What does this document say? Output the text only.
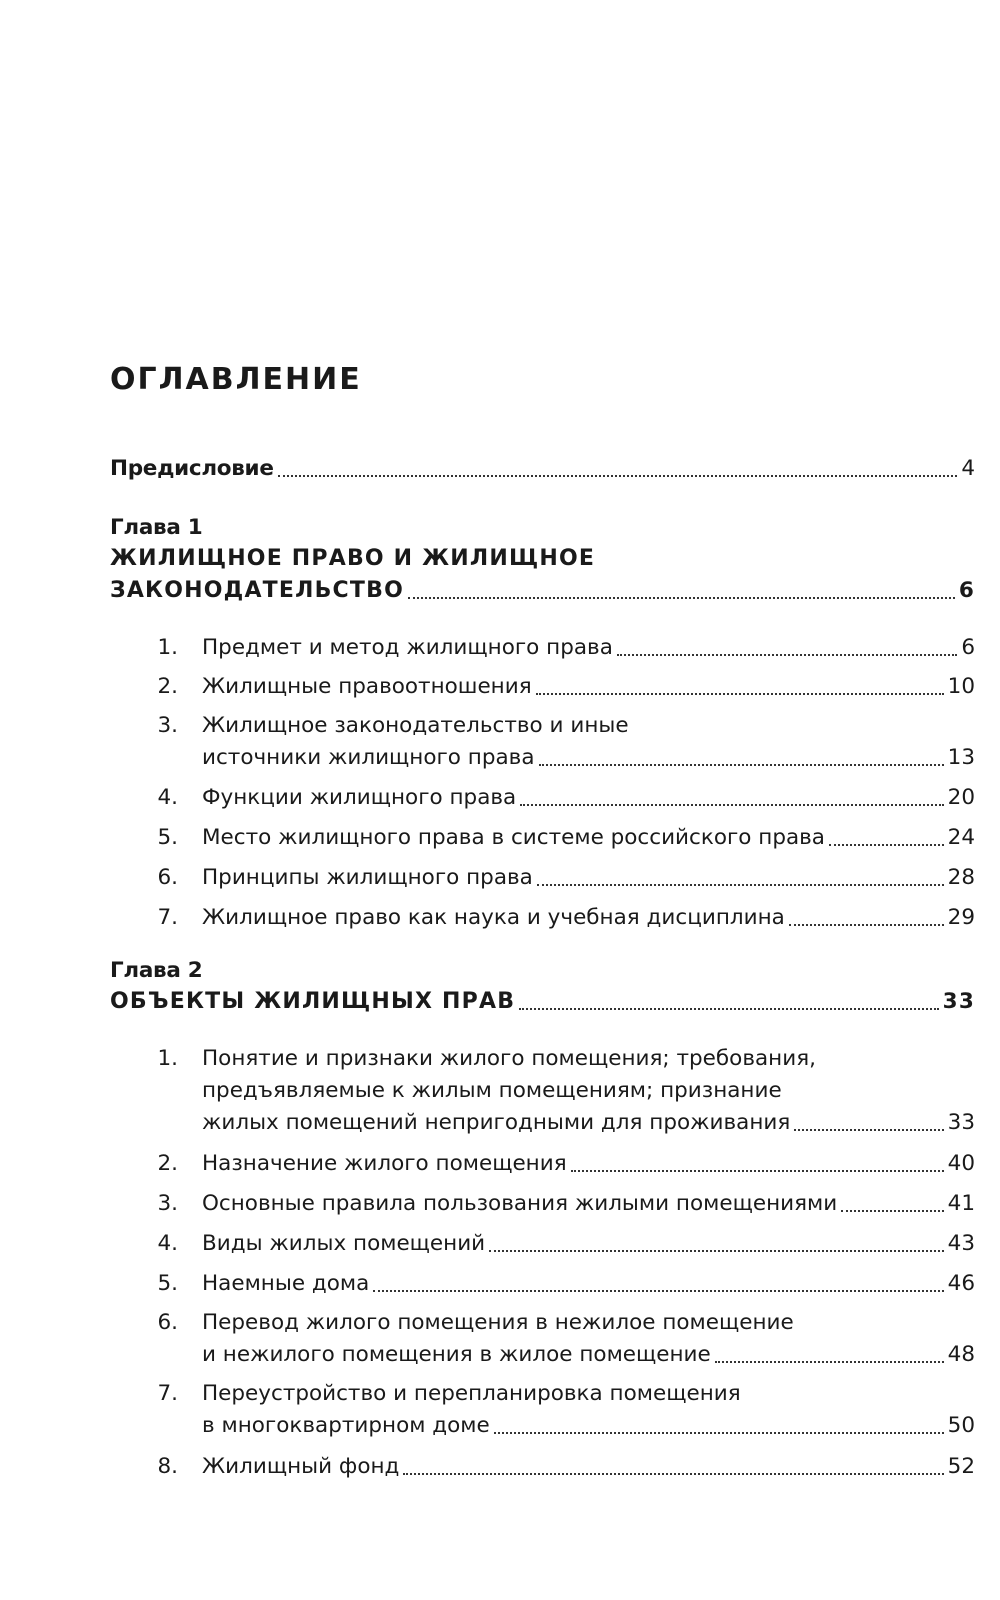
ОГЛАВЛЕНИЕ
Предисловие	4
Глава 1
ЖИЛИЩНОЕ ПРАВО И ЖИЛИЩНОЕ
ЗАКОНОДАТЕЛЬСТВО	6
1. Предмет и метод жилищного права	6
2. Жилищные правоотношения	10
3. Жилищное законодательство и иные
источники жилищного права	13
4. Функции жилищного права	20
5. Место жилищного права в системе российского права	24
6. Принципы жилищного права	28
7. Жилищное право как наука и учебная дисциплина	29
Глава 2
ОБЪЕКТЫ ЖИЛИЩНЫХ ПРАВ	33
1. Понятие и признаки жилого помещения; требования,
предъявляемые к жилым помещениям; признание
жилых помещений непригодными для проживания	33
2. Назначение жилого помещения	40
3. Основные правила пользования жилыми помещениями	41
4. Виды жилых помещений	43
5. Наемные дома	46
6. Перевод жилого помещения в нежилое помещение
и нежилого помещения в жилое помещение	48
7. Переустройство и перепланировка помещения
в многоквартирном доме	50
8. Жилищный фонд	52
